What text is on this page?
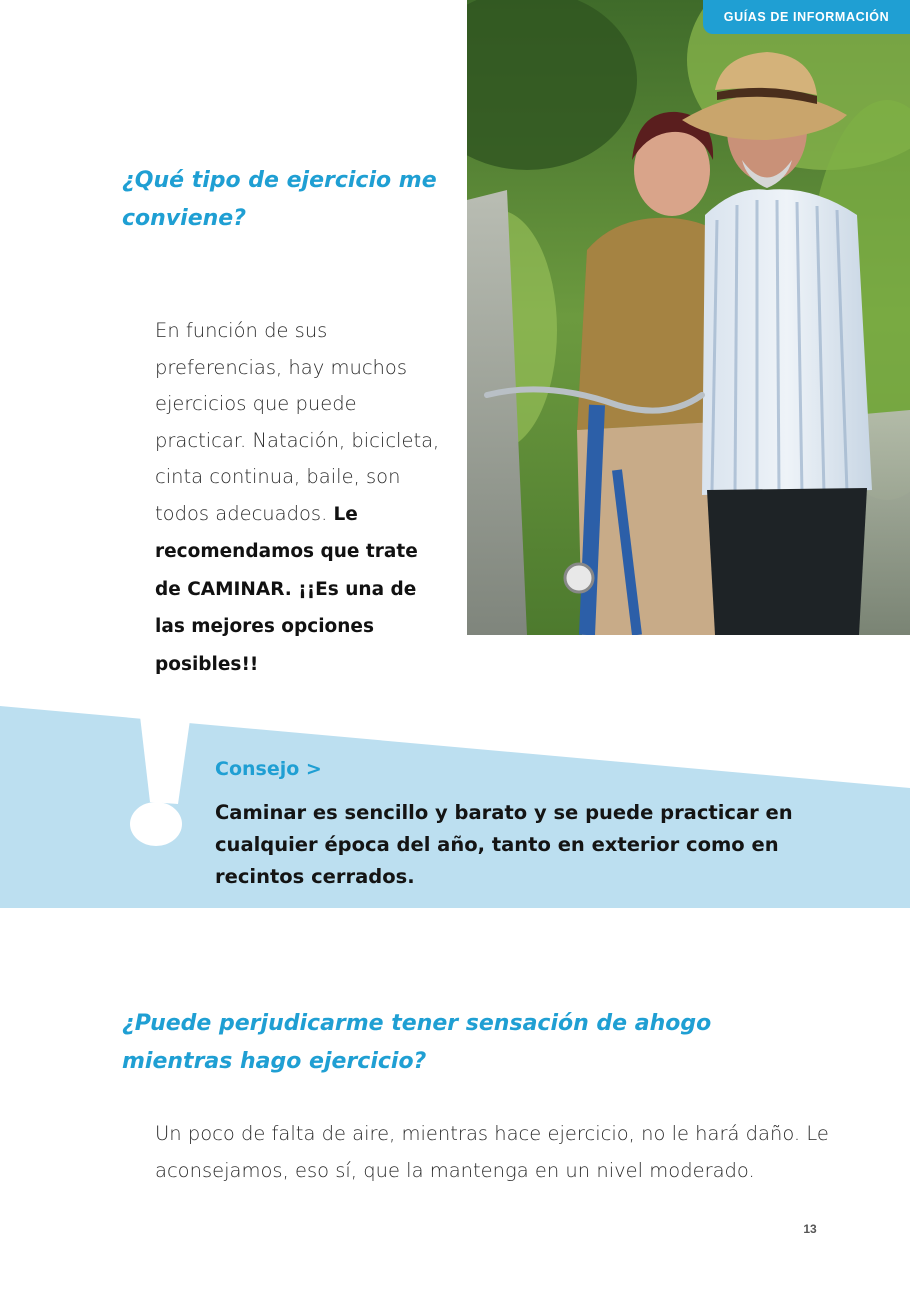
GUÍAS DE INFORMACIÓN
¿Qué tipo de ejercicio me conviene?

En función de sus preferencias, hay muchos ejercicios que puede practicar. Natación, bicicleta, cinta continua, baile, son todos adecuados. Le recomendamos que trate de CAMINAR. ¡¡Es una de las mejores opciones posibles!!

Consejo >

Caminar es sencillo y barato y se puede practicar en cualquier época del año, tanto en exterior como en recintos cerrados.

¿Puede perjudicarme tener sensación de ahogo mientras hago ejercicio?

Un poco de falta de aire, mientras hace ejercicio, no le hará daño. Le aconsejamos, eso sí, que la mantenga en un nivel moderado.

13
